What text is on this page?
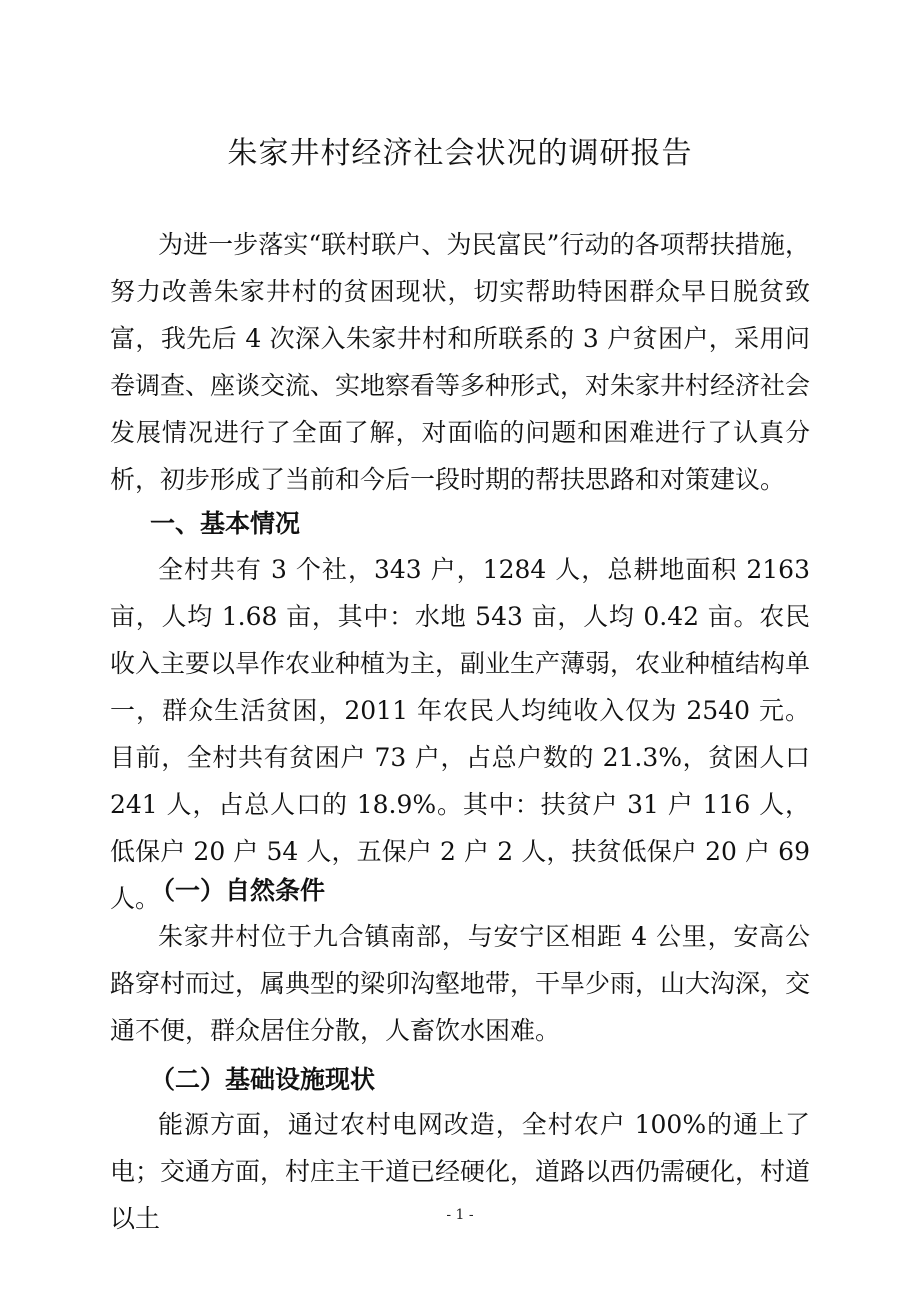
朱家井村经济社会状况的调研报告

为进一步落实“联村联户、为民富民”行动的各项帮扶措施，努力改善朱家井村的贫困现状，切实帮助特困群众早日脱贫致富，我先后 4 次深入朱家井村和所联系的 3 户贫困户，采用问卷调查、座谈交流、实地察看等多种形式，对朱家井村经济社会发展情况进行了全面了解，对面临的问题和困难进行了认真分析，初步形成了当前和今后一段时期的帮扶思路和对策建议。

一、基本情况

全村共有 3 个社，343 户，1284 人，总耕地面积 2163 亩，人均 1.68 亩，其中：水地 543 亩，人均 0.42 亩。农民收入主要以旱作农业种植为主，副业生产薄弱，农业种植结构单一，群众生活贫困，2011 年农民人均纯收入仅为 2540 元。目前，全村共有贫困户 73 户，占总户数的 21.3%，贫困人口 241 人，占总人口的 18.9%。其中：扶贫户 31 户 116 人，低保户 20 户 54 人，五保户 2 户 2 人，扶贫低保户 20 户 69 人。

（一）自然条件

朱家井村位于九合镇南部，与安宁区相距 4 公里，安高公路穿村而过，属典型的梁卯沟壑地带，干旱少雨，山大沟深，交通不便，群众居住分散，人畜饮水困难。

（二）基础设施现状

能源方面，通过农村电网改造，全村农户 100%的通上了电；交通方面，村庄主干道已经硬化，道路以西仍需硬化，村道以土	- 1 -
